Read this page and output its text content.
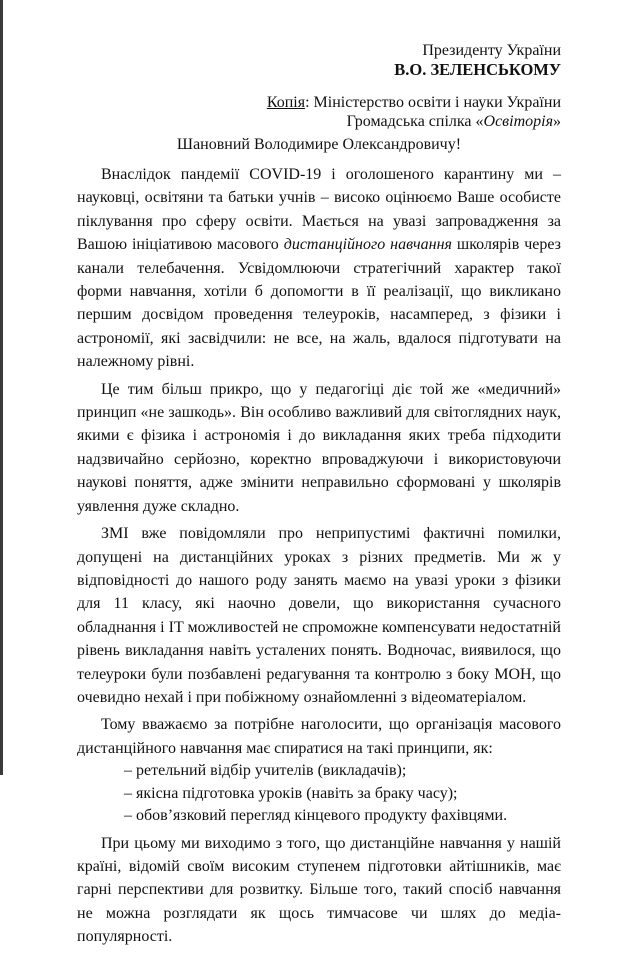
Президенту України
В.О. ЗЕЛЕНСЬКОМУ
Копія: Міністерство освіти і науки України
Громадська спілка «Освіторія»
Шановний Володимире Олександровичу!

Внаслідок пандемії COVID-19 і оголошеного карантину ми – науковці, освітяни та батьки учнів – високо оцінюємо Ваше особисте піклування про сферу освіти. Мається на увазі запровадження за Вашою ініціативою масового дистанційного навчання школярів через канали телебачення. Усвідомлюючи стратегічний характер такої форми навчання, хотіли б допомогти в її реалізації, що викликано першим досвідом проведення телеуроків, насамперед, з фізики і астрономії, які засвідчили: не все, на жаль, вдалося підготувати на належному рівні.

Це тим більш прикро, що у педагогіці діє той же «медичний» принцип «не зашкодь». Він особливо важливий для світоглядних наук, якими є фізика і астрономія і до викладання яких треба підходити надзвичайно серйозно, коректно впроваджуючи і використовуючи наукові поняття, адже змінити неправильно сформовані у школярів уявлення дуже складно.

ЗМІ вже повідомляли про неприпустимі фактичні помилки, допущені на дистанційних уроках з різних предметів. Ми ж у відповідності до нашого роду занять маємо на увазі уроки з фізики для 11 класу, які наочно довели, що використання сучасного обладнання і IT можливостей не спроможне компенсувати недостатній рівень викладання навіть усталених понять. Водночас, виявилося, що телеуроки були позбавлені редагування та контролю з боку МОН, що очевидно нехай і при побіжному ознайомленні з відеоматеріалом.

Тому вважаємо за потрібне наголосити, що організація масового дистанційного навчання має спиратися на такі принципи, як:

– ретельний відбір учителів (викладачів);

– якісна підготовка уроків (навіть за браку часу);

– обов’язковий перегляд кінцевого продукту фахівцями.

При цьому ми виходимо з того, що дистанційне навчання у нашій країні, відомій своїм високим ступенем підготовки айтішників, має гарні перспективи для розвитку. Більше того, такий спосіб навчання не можна розглядати як щось тимчасове чи шлях до медіа-популярності.
